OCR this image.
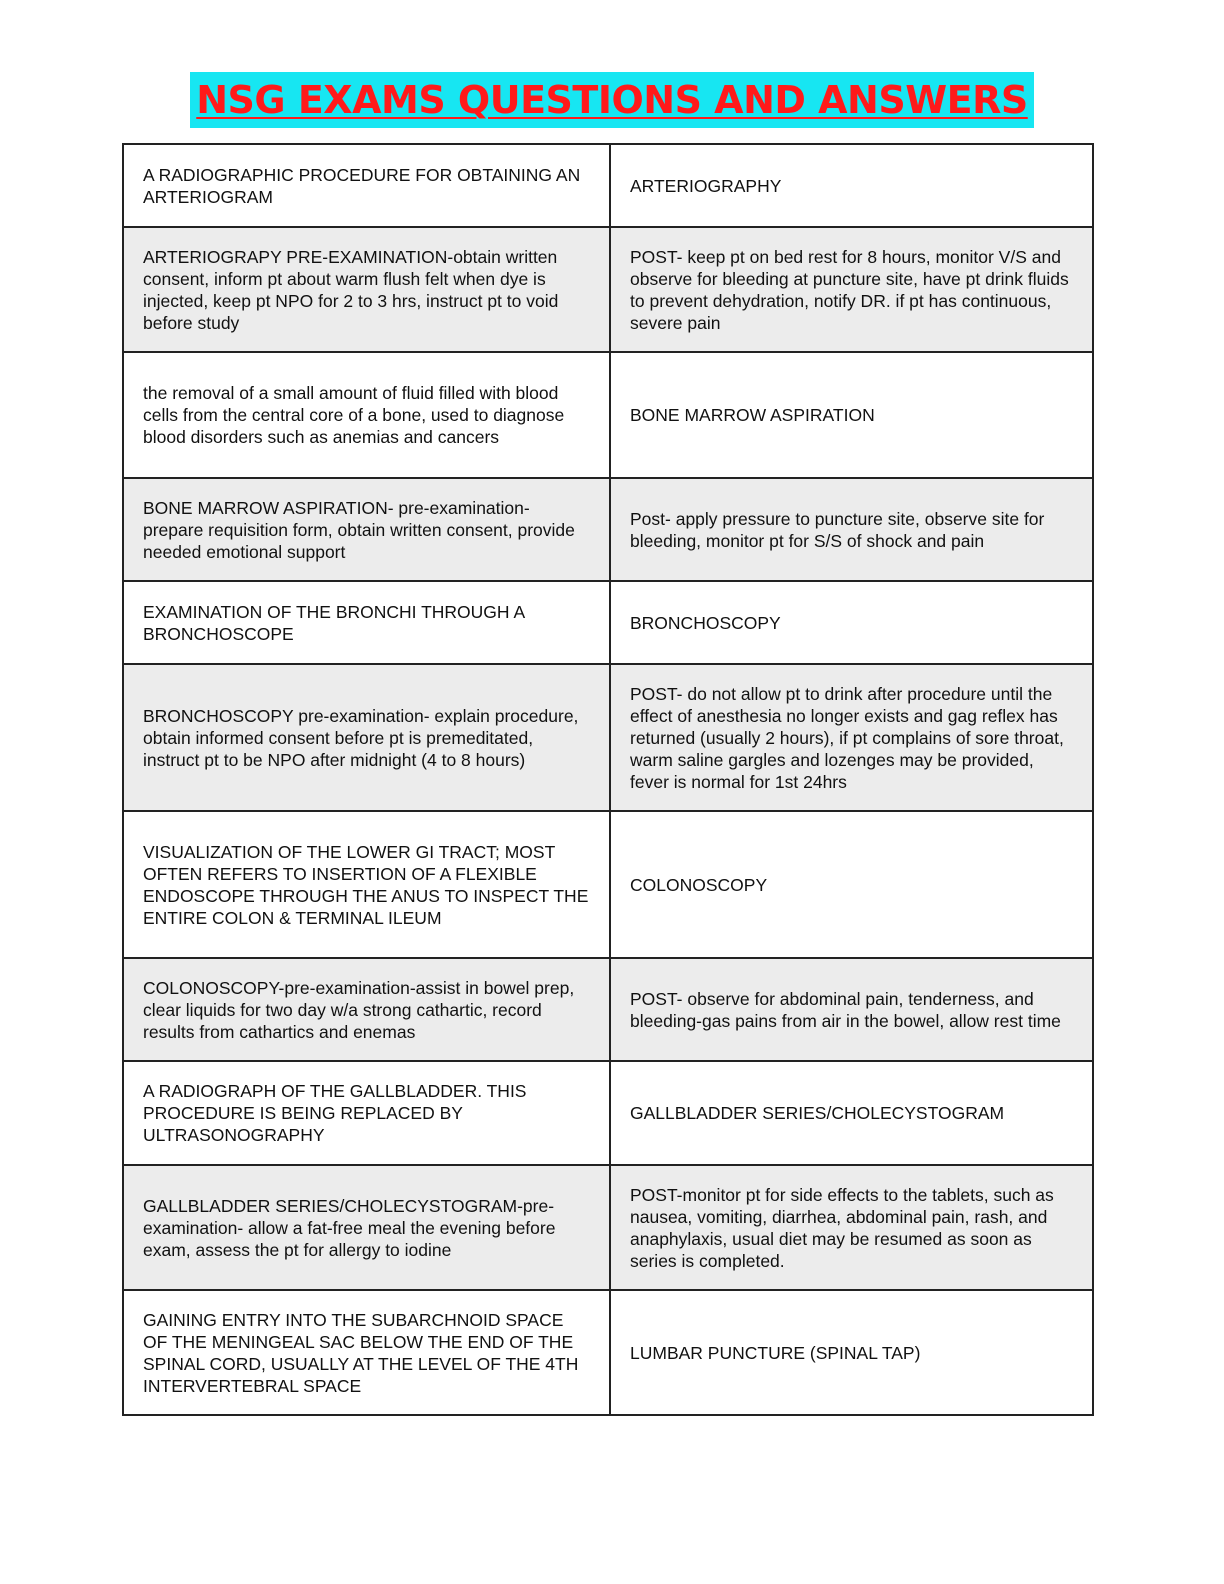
NSG EXAMS QUESTIONS AND ANSWERS
A RADIOGRAPHIC PROCEDURE FOR OBTAINING AN ARTERIOGRAM	ARTERIOGRAPHY
ARTERIOGRAPY PRE-EXAMINATION-obtain written consent, inform pt about warm flush felt when dye is injected, keep pt NPO for 2 to 3 hrs, instruct pt to void before study	POST- keep pt on bed rest for 8 hours, monitor V/S and observe for bleeding at puncture site, have pt drink fluids to prevent dehydration, notify DR. if pt has continuous, severe pain
the removal of a small amount of fluid filled with blood cells from the central core of a bone, used to diagnose blood disorders such as anemias and cancers	BONE MARROW ASPIRATION
BONE MARROW ASPIRATION- pre-examination- prepare requisition form, obtain written consent, provide needed emotional support	Post- apply pressure to puncture site, observe site for bleeding, monitor pt for S/S of shock and pain
EXAMINATION OF THE BRONCHI THROUGH A BRONCHOSCOPE	BRONCHOSCOPY
BRONCHOSCOPY pre-examination- explain procedure, obtain informed consent before pt is premeditated, instruct pt to be NPO after midnight (4 to 8 hours)	POST- do not allow pt to drink after procedure until the effect of anesthesia no longer exists and gag reflex has returned (usually 2 hours), if pt complains of sore throat, warm saline gargles and lozenges may be provided, fever is normal for 1st 24hrs
VISUALIZATION OF THE LOWER GI TRACT; MOST OFTEN REFERS TO INSERTION OF A FLEXIBLE ENDOSCOPE THROUGH THE ANUS TO INSPECT THE ENTIRE COLON & TERMINAL ILEUM	COLONOSCOPY
COLONOSCOPY-pre-examination-assist in bowel prep, clear liquids for two day w/a strong cathartic, record results from cathartics and enemas	POST- observe for abdominal pain, tenderness, and bleeding-gas pains from air in the bowel, allow rest time
A RADIOGRAPH OF THE GALLBLADDER. THIS PROCEDURE IS BEING REPLACED BY ULTRASONOGRAPHY	GALLBLADDER SERIES/CHOLECYSTOGRAM
GALLBLADDER SERIES/CHOLECYSTOGRAM-pre-examination- allow a fat-free meal the evening before exam, assess the pt for allergy to iodine	POST-monitor pt for side effects to the tablets, such as nausea, vomiting, diarrhea, abdominal pain, rash, and anaphylaxis, usual diet may be resumed as soon as series is completed.
GAINING ENTRY INTO THE SUBARCHNOID SPACE OF THE MENINGEAL SAC BELOW THE END OF THE SPINAL CORD, USUALLY AT THE LEVEL OF THE 4TH INTERVERTEBRAL SPACE	LUMBAR PUNCTURE (SPINAL TAP)
